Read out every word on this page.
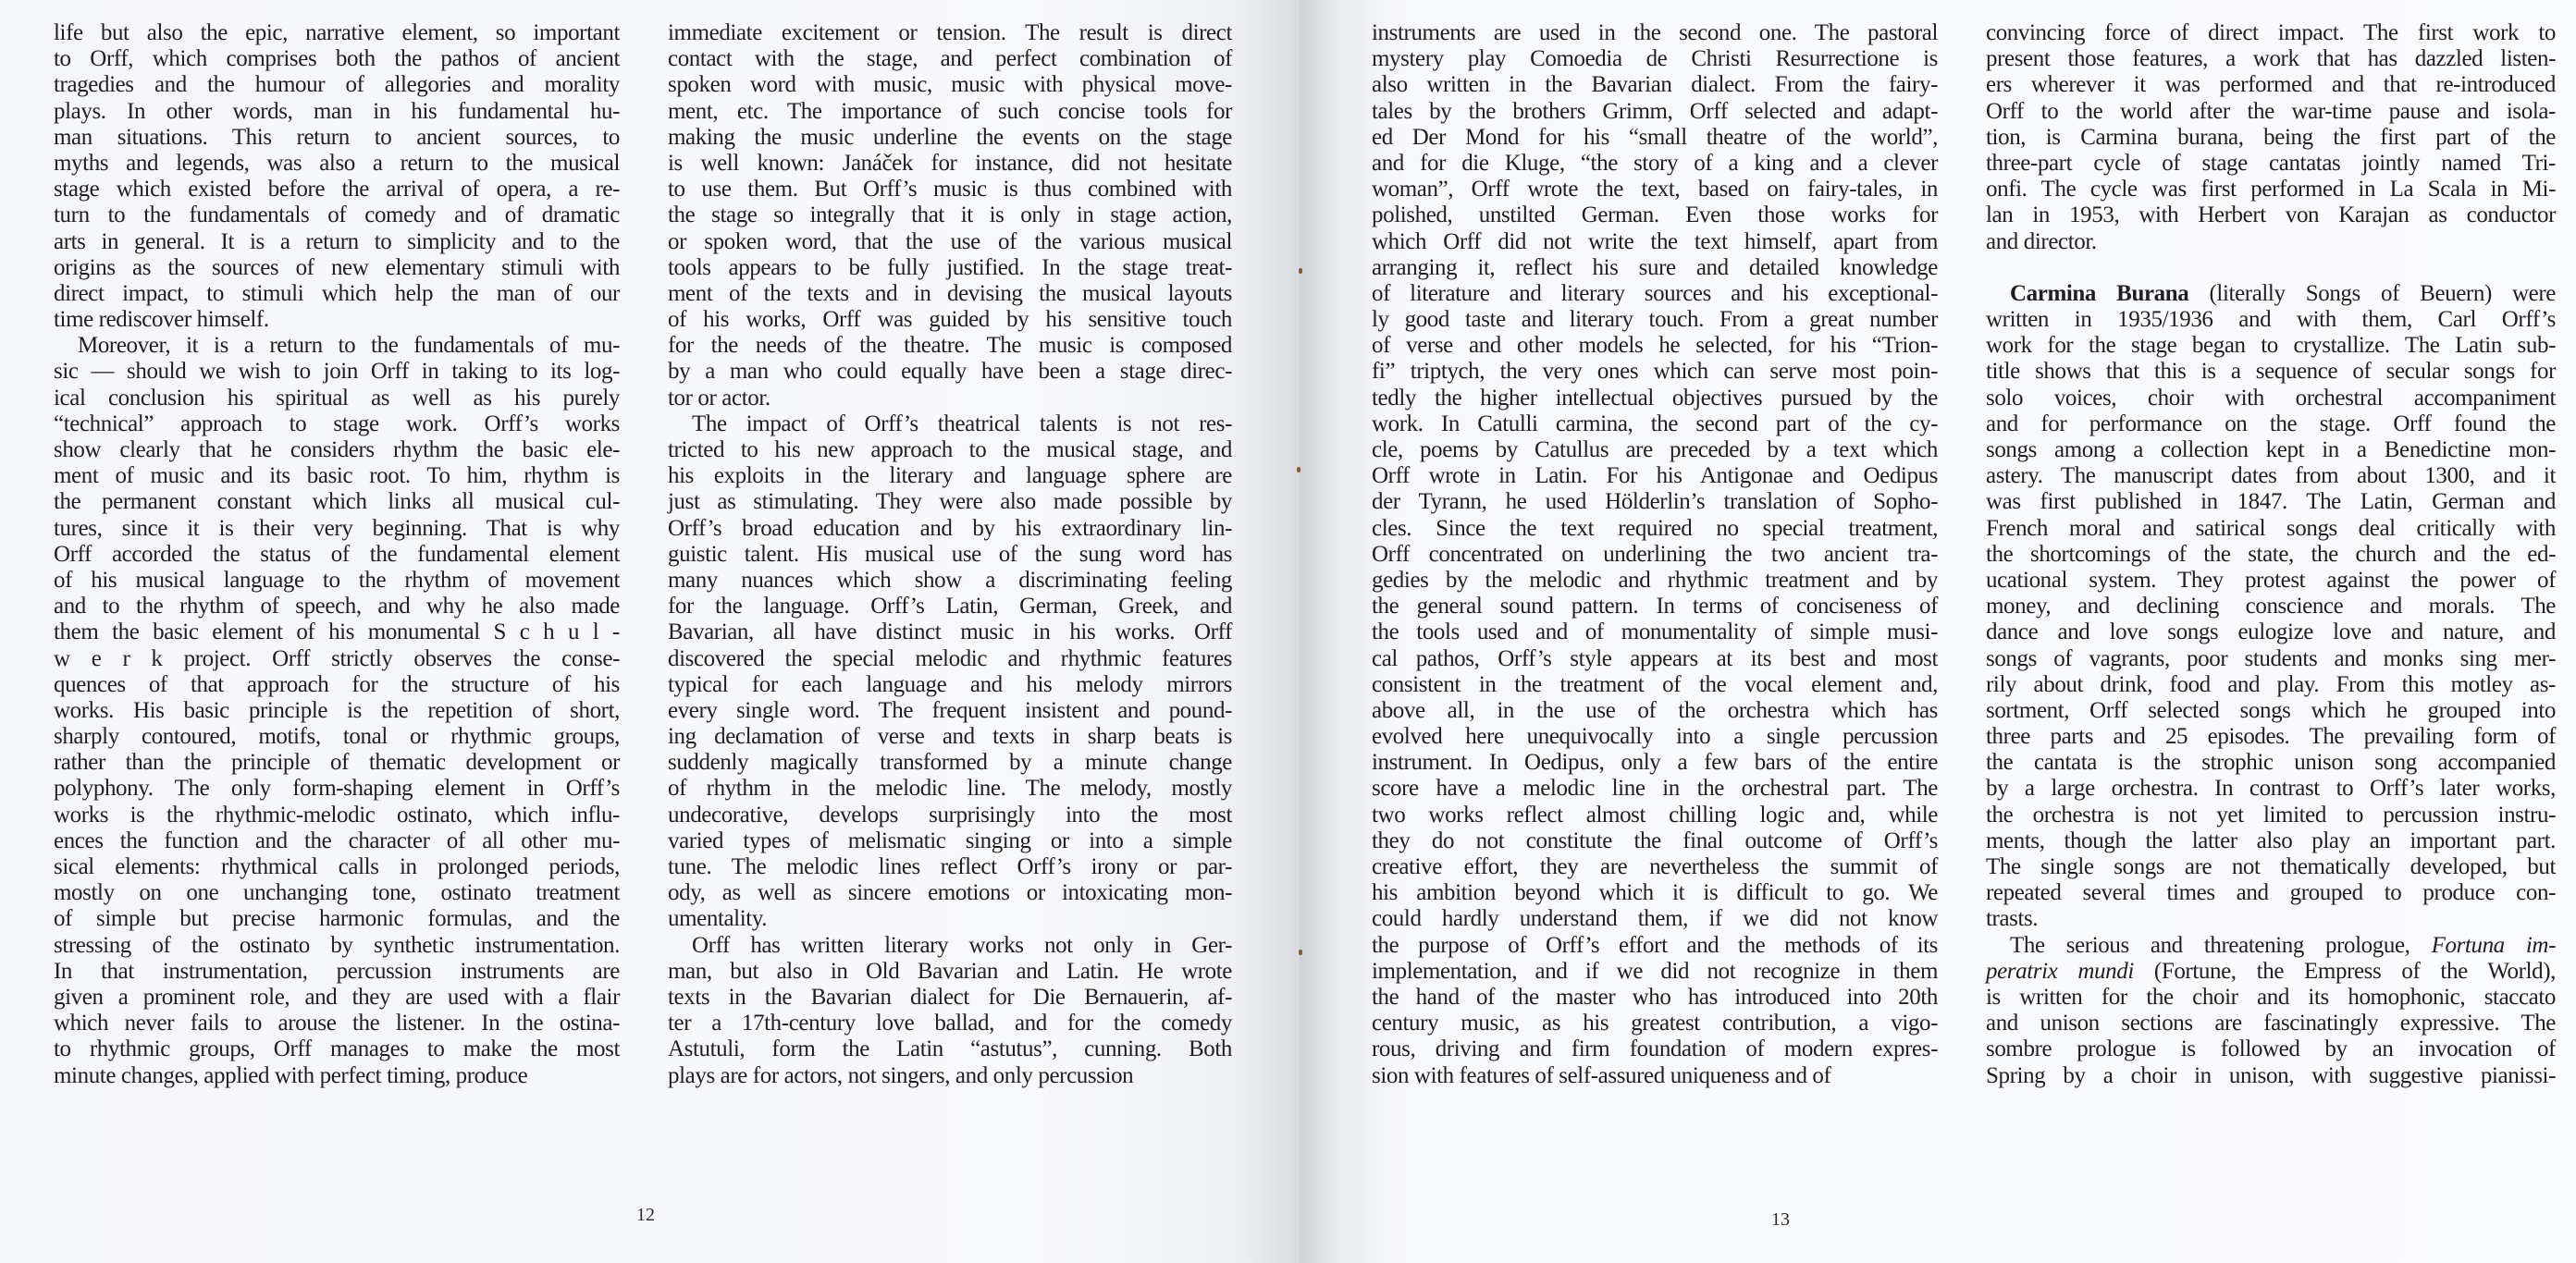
life but also the epic, narrative element, so important
to Orff, which comprises both the pathos of ancient
tragedies and the humour of allegories and morality
plays. In other words, man in his fundamental hu-
man situations. This return to ancient sources, to
myths and legends, was also a return to the musical
stage which existed before the arrival of opera, a re-
turn to the fundamentals of comedy and of dramatic
arts in general. It is a return to simplicity and to the
origins as the sources of new elementary stimuli with
direct impact, to stimuli which help the man of our
time rediscover himself.
Moreover, it is a return to the fundamentals of mu-
sic — should we wish to join Orff in taking to its log-
ical conclusion his spiritual as well as his purely
“technical” approach to stage work. Orff’s works
show clearly that he considers rhythm the basic ele-
ment of music and its basic root. To him, rhythm is
the permanent constant which links all musical cul-
tures, since it is their very beginning. That is why
Orff accorded the status of the fundamental element
of his musical language to the rhythm of movement
and to the rhythm of speech, and why he also made
them the basic element of his monumental S c h u l -
w e r k project. Orff strictly observes the conse-
quences of that approach for the structure of his
works. His basic principle is the repetition of short,
sharply contoured, motifs, tonal or rhythmic groups,
rather than the principle of thematic development or
polyphony. The only form-shaping element in Orff’s
works is the rhythmic-melodic ostinato, which influ-
ences the function and the character of all other mu-
sical elements: rhythmical calls in prolonged periods,
mostly on one unchanging tone, ostinato treatment
of simple but precise harmonic formulas, and the
stressing of the ostinato by synthetic instrumentation.
In that instrumentation, percussion instruments are
given a prominent role, and they are used with a flair
which never fails to arouse the listener. In the ostina-
to rhythmic groups, Orff manages to make the most
minute changes, applied with perfect timing, produce
immediate excitement or tension. The result is direct
contact with the stage, and perfect combination of
spoken word with music, music with physical move-
ment, etc. The importance of such concise tools for
making the music underline the events on the stage
is well known: Janáček for instance, did not hesitate
to use them. But Orff’s music is thus combined with
the stage so integrally that it is only in stage action,
or spoken word, that the use of the various musical
tools appears to be fully justified. In the stage treat-
ment of the texts and in devising the musical layouts
of his works, Orff was guided by his sensitive touch
for the needs of the theatre. The music is composed
by a man who could equally have been a stage direc-
tor or actor.
The impact of Orff’s theatrical talents is not res-
tricted to his new approach to the musical stage, and
his exploits in the literary and language sphere are
just as stimulating. They were also made possible by
Orff’s broad education and by his extraordinary lin-
guistic talent. His musical use of the sung word has
many nuances which show a discriminating feeling
for the language. Orff’s Latin, German, Greek, and
Bavarian, all have distinct music in his works. Orff
discovered the special melodic and rhythmic features
typical for each language and his melody mirrors
every single word. The frequent insistent and pound-
ing declamation of verse and texts in sharp beats is
suddenly magically transformed by a minute change
of rhythm in the melodic line. The melody, mostly
undecorative, develops surprisingly into the most
varied types of melismatic singing or into a simple
tune. The melodic lines reflect Orff’s irony or par-
ody, as well as sincere emotions or intoxicating mon-
umentality.
Orff has written literary works not only in Ger-
man, but also in Old Bavarian and Latin. He wrote
texts in the Bavarian dialect for Die Bernauerin, af-
ter a 17th-century love ballad, and for the comedy
Astutuli, form the Latin “astutus”, cunning. Both
plays are for actors, not singers, and only percussion
instruments are used in the second one. The pastoral
mystery play Comoedia de Christi Resurrectione is
also written in the Bavarian dialect. From the fairy-
tales by the brothers Grimm, Orff selected and adapt-
ed Der Mond for his “small theatre of the world”,
and for die Kluge, “the story of a king and a clever
woman”, Orff wrote the text, based on fairy-tales, in
polished, unstilted German. Even those works for
which Orff did not write the text himself, apart from
arranging it, reflect his sure and detailed knowledge
of literature and literary sources and his exceptional-
ly good taste and literary touch. From a great number
of verse and other models he selected, for his “Trion-
fi” triptych, the very ones which can serve most poin-
tedly the higher intellectual objectives pursued by the
work. In Catulli carmina, the second part of the cy-
cle, poems by Catullus are preceded by a text which
Orff wrote in Latin. For his Antigonae and Oedipus
der Tyrann, he used Hölderlin’s translation of Sopho-
cles. Since the text required no special treatment,
Orff concentrated on underlining the two ancient tra-
gedies by the melodic and rhythmic treatment and by
the general sound pattern. In terms of conciseness of
the tools used and of monumentality of simple musi-
cal pathos, Orff’s style appears at its best and most
consistent in the treatment of the vocal element and,
above all, in the use of the orchestra which has
evolved here unequivocally into a single percussion
instrument. In Oedipus, only a few bars of the entire
score have a melodic line in the orchestral part. The
two works reflect almost chilling logic and, while
they do not constitute the final outcome of Orff’s
creative effort, they are nevertheless the summit of
his ambition beyond which it is difficult to go. We
could hardly understand them, if we did not know
the purpose of Orff’s effort and the methods of its
implementation, and if we did not recognize in them
the hand of the master who has introduced into 20th
century music, as his greatest contribution, a vigo-
rous, driving and firm foundation of modern expres-
sion with features of self-assured uniqueness and of
convincing force of direct impact. The first work to
present those features, a work that has dazzled listen-
ers wherever it was performed and that re-introduced
Orff to the world after the war-time pause and isola-
tion, is Carmina burana, being the first part of the
three-part cycle of stage cantatas jointly named Tri-
onfi. The cycle was first performed in La Scala in Mi-
lan in 1953, with Herbert von Karajan as conductor
and director.
Carmina Burana (literally Songs of Beuern) were
written in 1935/1936 and with them, Carl Orff’s
work for the stage began to crystallize. The Latin sub-
title shows that this is a sequence of secular songs for
solo voices, choir with orchestral accompaniment
and for performance on the stage. Orff found the
songs among a collection kept in a Benedictine mon-
astery. The manuscript dates from about 1300, and it
was first published in 1847. The Latin, German and
French moral and satirical songs deal critically with
the shortcomings of the state, the church and the ed-
ucational system. They protest against the power of
money, and declining conscience and morals. The
dance and love songs eulogize love and nature, and
songs of vagrants, poor students and monks sing mer-
rily about drink, food and play. From this motley as-
sortment, Orff selected songs which he grouped into
three parts and 25 episodes. The prevailing form of
the cantata is the strophic unison song accompanied
by a large orchestra. In contrast to Orff’s later works,
the orchestra is not yet limited to percussion instru-
ments, though the latter also play an important part.
The single songs are not thematically developed, but
repeated several times and grouped to produce con-
trasts.
The serious and threatening prologue, Fortuna im-
peratrix mundi (Fortune, the Empress of the World),
is written for the choir and its homophonic, staccato
and unison sections are fascinatingly expressive. The
sombre prologue is followed by an invocation of
Spring by a choir in unison, with suggestive pianissi-
12	13
